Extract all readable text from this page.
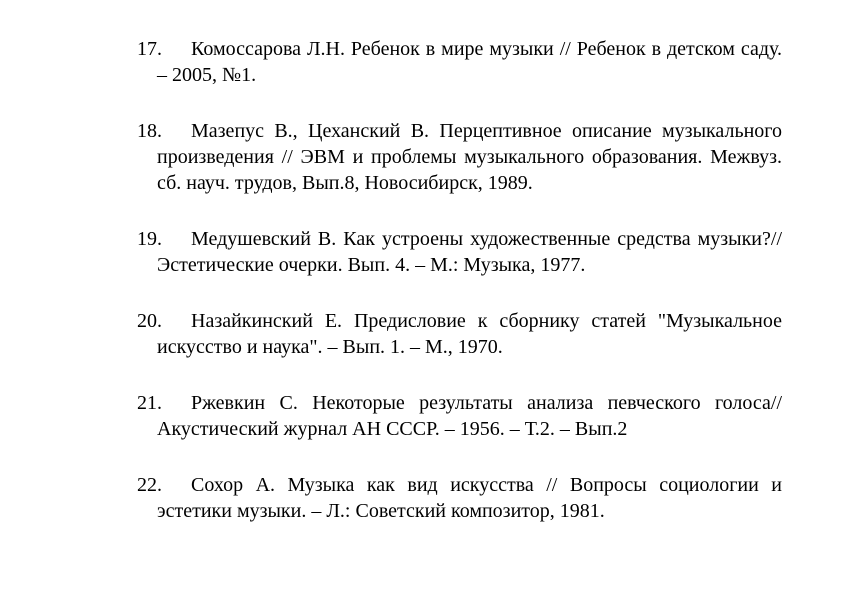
17. Комоссарова Л.Н. Ребенок в мире музыки // Ребенок в детском саду. – 2005, №1.
18. Мазепус В., Цеханский В. Перцептивное описание музыкального произведения // ЭВМ и проблемы музыкального образования. Межвуз. сб. науч. трудов, Вып.8, Новосибирск, 1989.
19. Медушевский В. Как устроены художественные средства музыки?// Эстетические очерки. Вып. 4. – М.: Музыка, 1977.
20. Назайкинский Е. Предисловие к сборнику статей "Музыкальное искусство и наука". – Вып. 1. – М., 1970.
21. Ржевкин С. Некоторые результаты анализа певческого голоса// Акустический журнал АН СССР. – 1956. – Т.2. – Вып.2
22. Сохор А. Музыка как вид искусства // Вопросы социологии и эстетики музыки. – Л.: Советский композитор, 1981.
